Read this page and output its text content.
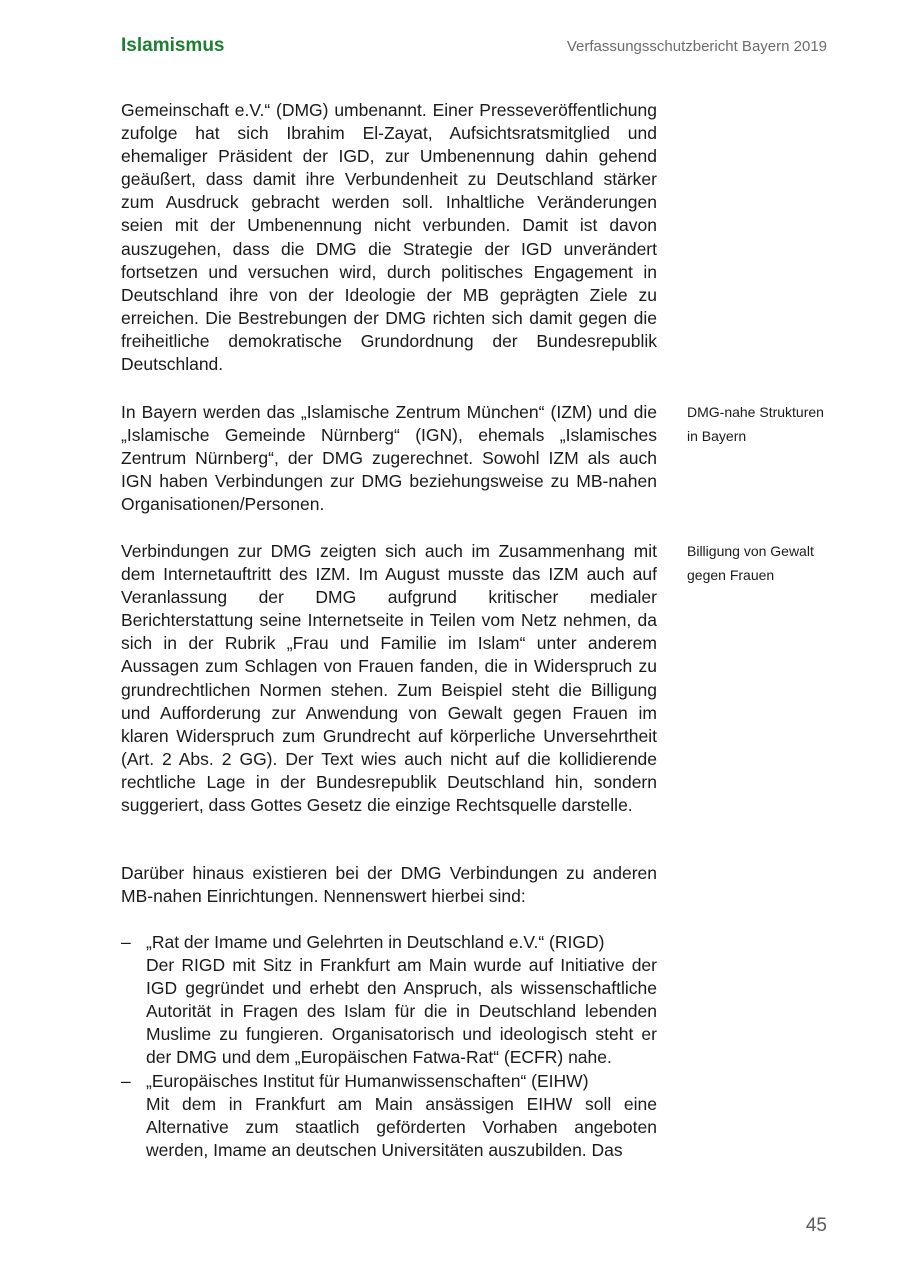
Islamismus	Verfassungsschutzbericht Bayern 2019

Gemeinschaft e.V.“ (DMG) umbenannt. Einer Presseveröffentlichung zufolge hat sich Ibrahim El-Zayat, Aufsichtsratsmitglied und ehemaliger Präsident der IGD, zur Umbenennung dahin gehend geäußert, dass damit ihre Verbundenheit zu Deutschland stärker zum Ausdruck gebracht werden soll. Inhaltliche Veränderungen seien mit der Umbenennung nicht verbunden. Damit ist davon auszugehen, dass die DMG die Strategie der IGD unverändert fortsetzen und versuchen wird, durch politisches Engagement in Deutschland ihre von der Ideologie der MB geprägten Ziele zu erreichen. Die Bestrebungen der DMG richten sich damit gegen die freiheitliche demokratische Grundordnung der Bundesrepublik Deutschland.

In Bayern werden das „Islamische Zentrum München“ (IZM) und die „Islamische Gemeinde Nürnberg“ (IGN), ehemals „Islamisches Zentrum Nürnberg“, der DMG zugerechnet. Sowohl IZM als auch IGN haben Verbindungen zur DMG beziehungsweise zu MB-nahen Organisationen/Personen.

DMG-nahe Strukturen in Bayern

Verbindungen zur DMG zeigten sich auch im Zusammenhang mit dem Internetauftritt des IZM. Im August musste das IZM auch auf Veranlassung der DMG aufgrund kritischer medialer Berichterstattung seine Internetseite in Teilen vom Netz nehmen, da sich in der Rubrik „Frau und Familie im Islam“ unter anderem Aussagen zum Schlagen von Frauen fanden, die in Widerspruch zu grundrechtlichen Normen stehen. Zum Beispiel steht die Billigung und Aufforderung zur Anwendung von Gewalt gegen Frauen im klaren Widerspruch zum Grundrecht auf körperliche Unversehrtheit (Art. 2 Abs. 2 GG). Der Text wies auch nicht auf die kollidierende rechtliche Lage in der Bundesrepublik Deutschland hin, sondern suggeriert, dass Gottes Gesetz die einzige Rechtsquelle darstelle.

Billigung von Gewalt gegen Frauen

Darüber hinaus existieren bei der DMG Verbindungen zu anderen MB-nahen Einrichtungen. Nennenswert hierbei sind:

– „Rat der Imame und Gelehrten in Deutschland e.V.“ (RIGD)
Der RIGD mit Sitz in Frankfurt am Main wurde auf Initiative der IGD gegründet und erhebt den Anspruch, als wissenschaftliche Autorität in Fragen des Islam für die in Deutschland lebenden Muslime zu fungieren. Organisatorisch und ideologisch steht er der DMG und dem „Europäischen Fatwa-Rat“ (ECFR) nahe.
– „Europäisches Institut für Humanwissenschaften“ (EIHW)
Mit dem in Frankfurt am Main ansässigen EIHW soll eine Alternative zum staatlich geförderten Vorhaben angeboten werden, Imame an deutschen Universitäten auszubilden. Das
45
